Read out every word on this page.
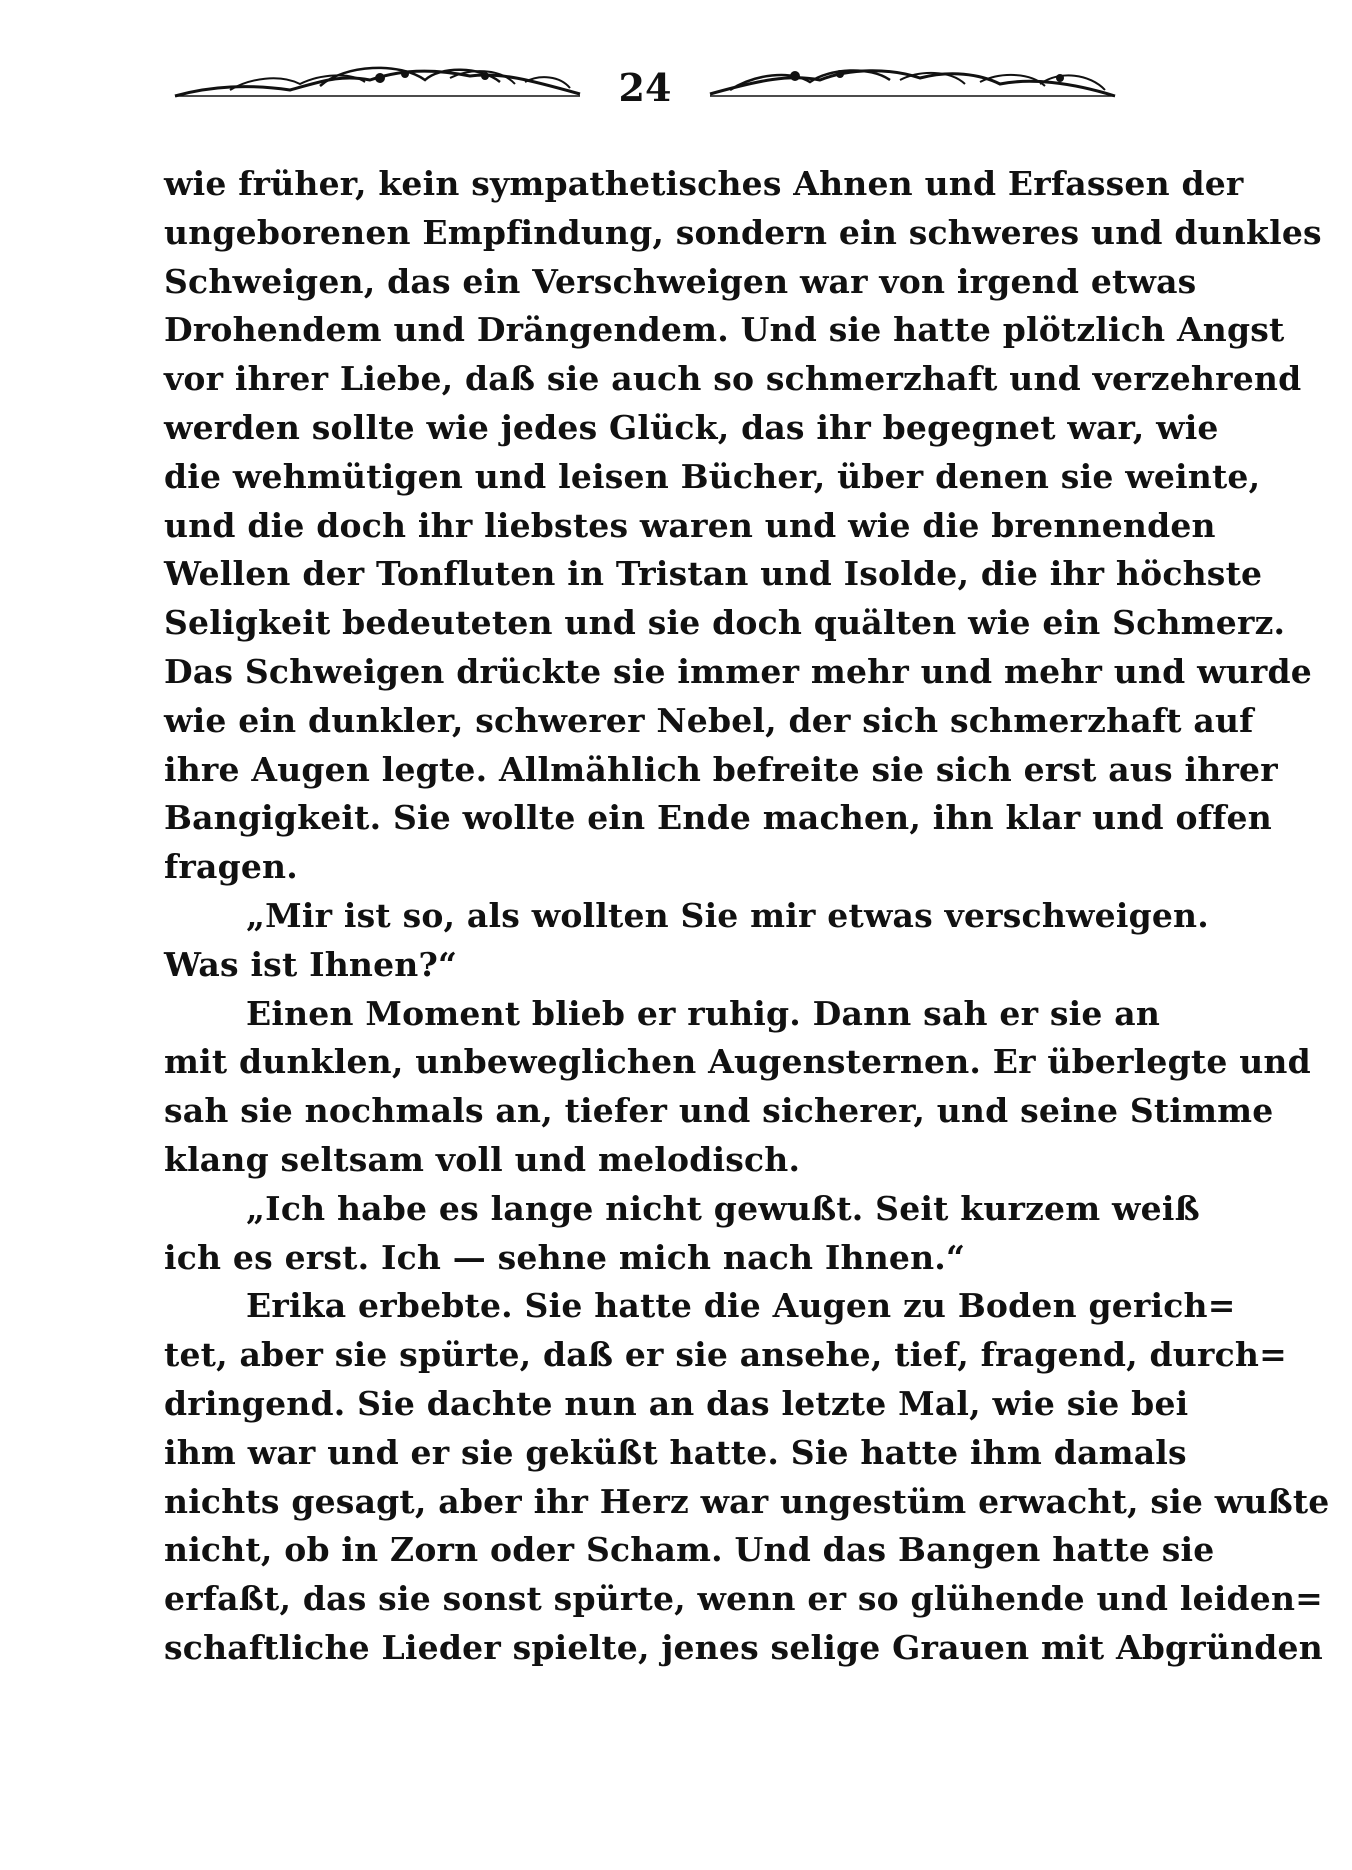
24
wie früher, kein sympathetisches Ahnen und Erfassen der
ungeborenen Empfindung, sondern ein schweres und dunkles
Schweigen, das ein Verschweigen war von irgend etwas
Drohendem und Drängendem. Und sie hatte plötzlich Angst
vor ihrer Liebe, daß sie auch so schmerzhaft und verzehrend
werden sollte wie jedes Glück, das ihr begegnet war, wie
die wehmütigen und leisen Bücher, über denen sie weinte,
und die doch ihr liebstes waren und wie die brennenden
Wellen der Tonfluten in Tristan und Isolde, die ihr höchste
Seligkeit bedeuteten und sie doch quälten wie ein Schmerz.
Das Schweigen drückte sie immer mehr und mehr und wurde
wie ein dunkler, schwerer Nebel, der sich schmerzhaft auf
ihre Augen legte. Allmählich befreite sie sich erst aus ihrer
Bangigkeit. Sie wollte ein Ende machen, ihn klar und offen
fragen.
„Mir ist so, als wollten Sie mir etwas verschweigen.
Was ist Ihnen?“
Einen Moment blieb er ruhig. Dann sah er sie an
mit dunklen, unbeweglichen Augensternen. Er überlegte und
sah sie nochmals an, tiefer und sicherer, und seine Stimme
klang seltsam voll und melodisch.
„Ich habe es lange nicht gewußt. Seit kurzem weiß
ich es erst. Ich — sehne mich nach Ihnen.“
Erika erbebte. Sie hatte die Augen zu Boden gerich=
tet, aber sie spürte, daß er sie ansehe, tief, fragend, durch=
dringend. Sie dachte nun an das letzte Mal, wie sie bei
ihm war und er sie geküßt hatte. Sie hatte ihm damals
nichts gesagt, aber ihr Herz war ungestüm erwacht, sie wußte
nicht, ob in Zorn oder Scham. Und das Bangen hatte sie
erfaßt, das sie sonst spürte, wenn er so glühende und leiden=
schaftliche Lieder spielte, jenes selige Grauen mit Abgründen
